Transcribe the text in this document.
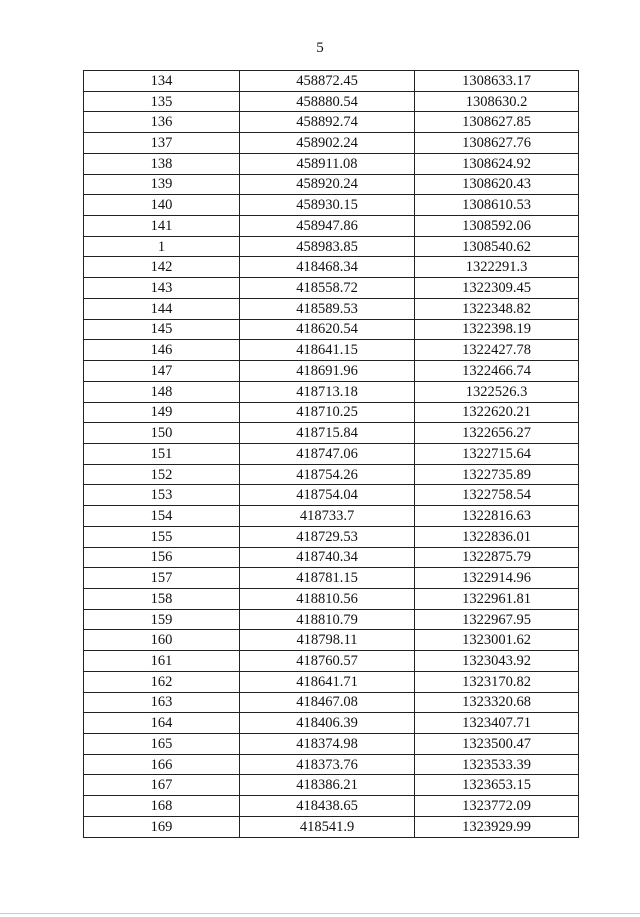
5
134	458872.45	1308633.17
135	458880.54	1308630.2
136	458892.74	1308627.85
137	458902.24	1308627.76
138	458911.08	1308624.92
139	458920.24	1308620.43
140	458930.15	1308610.53
141	458947.86	1308592.06
1	458983.85	1308540.62
142	418468.34	1322291.3
143	418558.72	1322309.45
144	418589.53	1322348.82
145	418620.54	1322398.19
146	418641.15	1322427.78
147	418691.96	1322466.74
148	418713.18	1322526.3
149	418710.25	1322620.21
150	418715.84	1322656.27
151	418747.06	1322715.64
152	418754.26	1322735.89
153	418754.04	1322758.54
154	418733.7	1322816.63
155	418729.53	1322836.01
156	418740.34	1322875.79
157	418781.15	1322914.96
158	418810.56	1322961.81
159	418810.79	1322967.95
160	418798.11	1323001.62
161	418760.57	1323043.92
162	418641.71	1323170.82
163	418467.08	1323320.68
164	418406.39	1323407.71
165	418374.98	1323500.47
166	418373.76	1323533.39
167	418386.21	1323653.15
168	418438.65	1323772.09
169	418541.9	1323929.99
